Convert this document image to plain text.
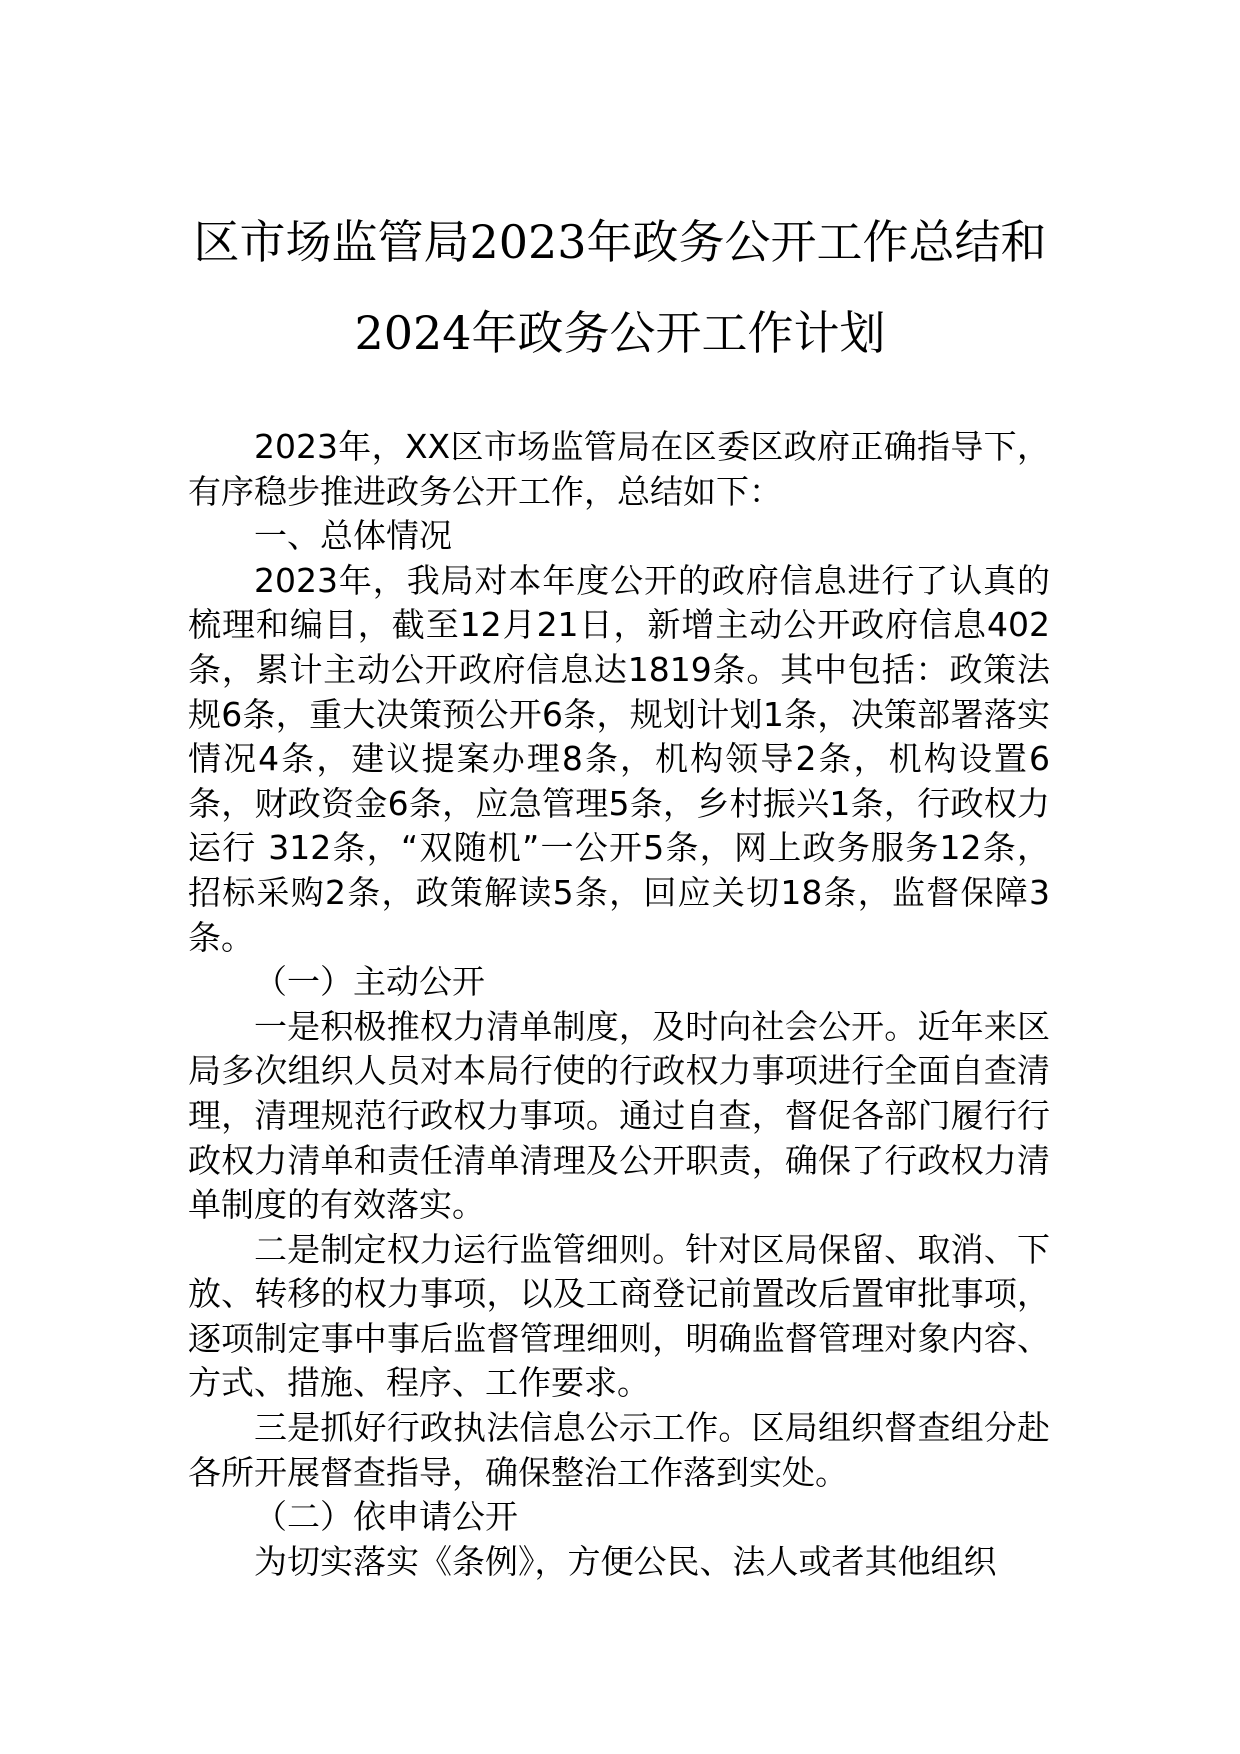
区市场监管局2023年政务公开工作总结和
2024年政务公开工作计划

2023年，XX区市场监管局在区委区政府正确指导下，有序稳步推进政务公开工作，总结如下：

一、总体情况

2023年，我局对本年度公开的政府信息进行了认真的梳理和编目，截至12月21日，新增主动公开政府信息402条，累计主动公开政府信息达1819条。其中包括：政策法规6条，重大决策预公开6条，规划计划1条，决策部署落实情况4条，建议提案办理8条，机构领导2条，机构设置6条，财政资金6条，应急管理5条，乡村振兴1条，行政权力运行 312条，“双随机”一公开5条，网上政务服务12条，招标采购2条，政策解读5条，回应关切18条，监督保障3条。

（一）主动公开

一是积极推权力清单制度，及时向社会公开。近年来区局多次组织人员对本局行使的行政权力事项进行全面自查清理，清理规范行政权力事项。通过自查，督促各部门履行行政权力清单和责任清单清理及公开职责，确保了行政权力清单制度的有效落实。

二是制定权力运行监管细则。针对区局保留、取消、下放、转移的权力事项，以及工商登记前置改后置审批事项，逐项制定事中事后监督管理细则，明确监督管理对象内容、方式、措施、程序、工作要求。

三是抓好行政执法信息公示工作。区局组织督查组分赴各所开展督查指导，确保整治工作落到实处。

（二）依申请公开

为切实落实《条例》，方便公民、法人或者其他组织
